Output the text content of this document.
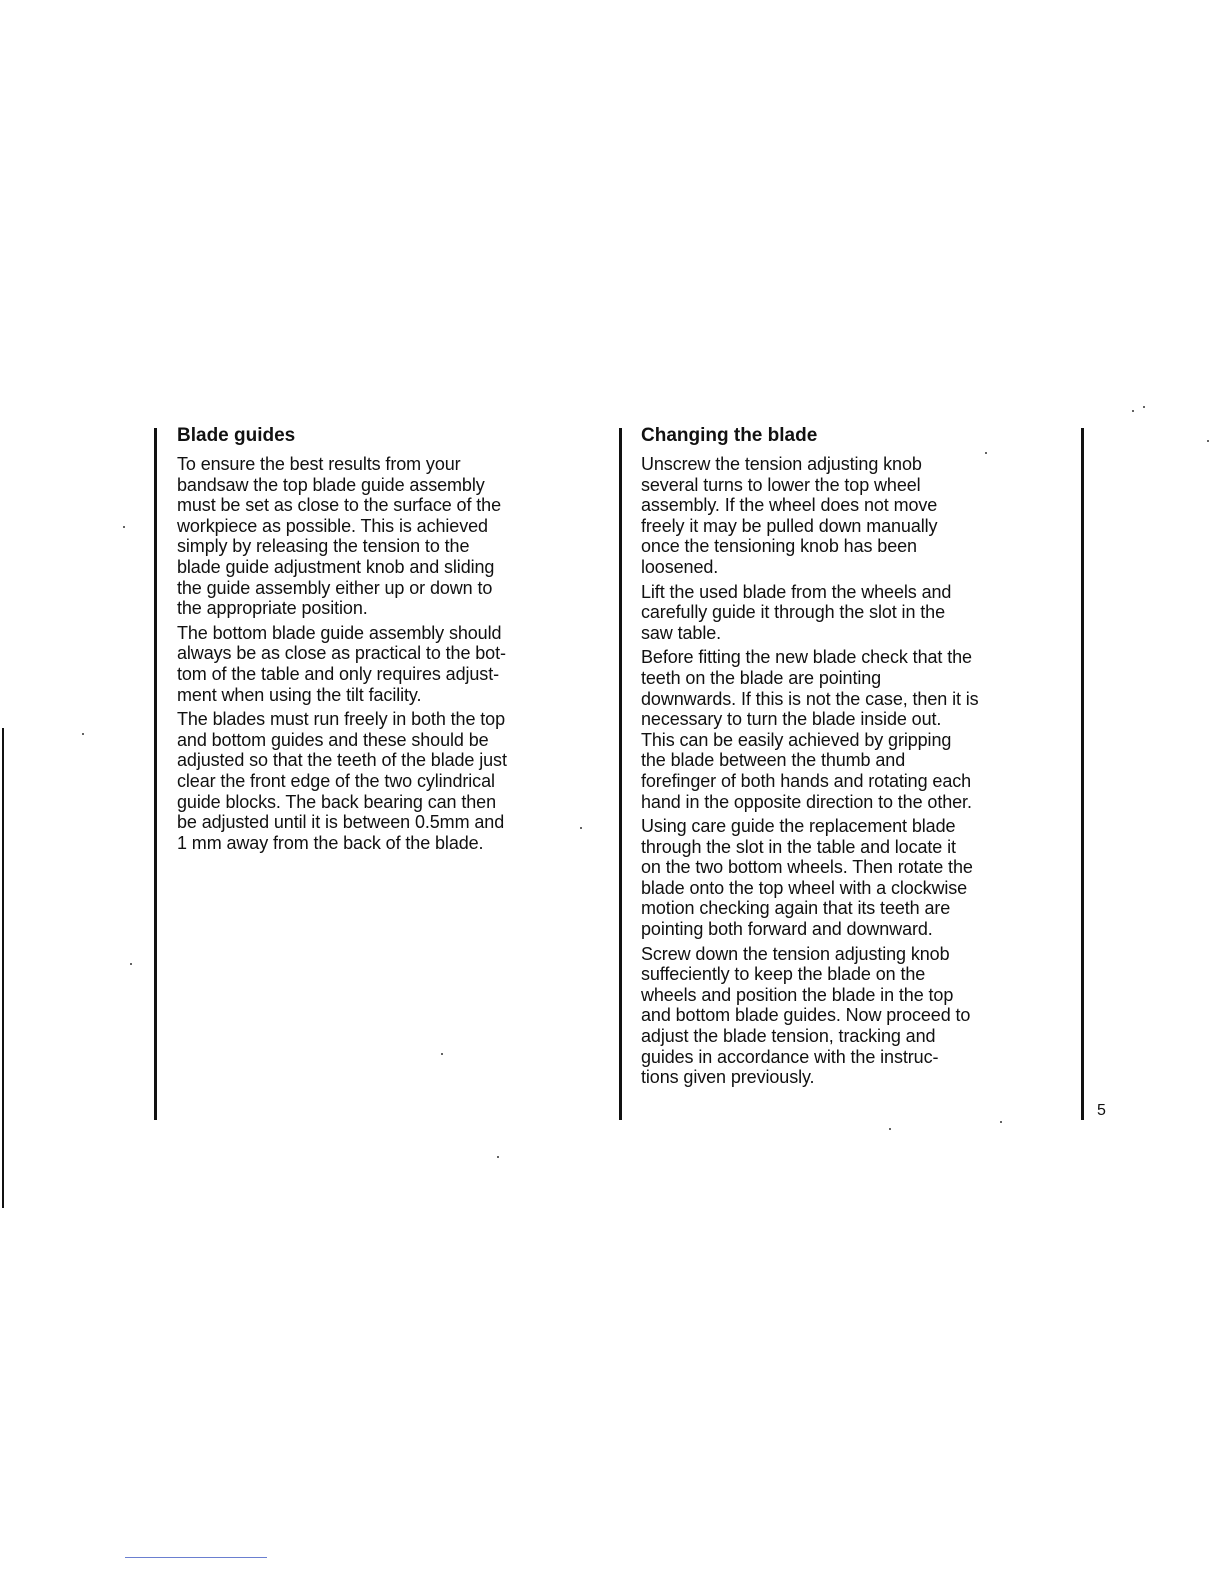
Blade guides

To ensure the best results from your
bandsaw the top blade guide assembly
must be set as close to the surface of the
workpiece as possible. This is achieved
simply by releasing the tension to the
blade guide adjustment knob and sliding
the guide assembly either up or down to
the appropriate position.

The bottom blade guide assembly should
always be as close as practical to the bot-
tom of the table and only requires adjust-
ment when using the tilt facility.

The blades must run freely in both the top
and bottom guides and these should be
adjusted so that the teeth of the blade just
clear the front edge of the two cylindrical
guide blocks. The back bearing can then
be adjusted until it is between 0.5mm and
1 mm away from the back of the blade.

Changing the blade

Unscrew the tension adjusting knob
several turns to lower the top wheel
assembly. If the wheel does not move
freely it may be pulled down manually
once the tensioning knob has been
loosened.

Lift the used blade from the wheels and
carefully guide it through the slot in the
saw table.

Before fitting the new blade check that the
teeth on the blade are pointing
downwards. If this is not the case, then it is
necessary to turn the blade inside out.
This can be easily achieved by gripping
the blade between the thumb and
forefinger of both hands and rotating each
hand in the opposite direction to the other.

Using care guide the replacement blade
through the slot in the table and locate it
on the two bottom wheels. Then rotate the
blade onto the top wheel with a clockwise
motion checking again that its teeth are
pointing both forward and downward.

Screw down the tension adjusting knob
suffeciently to keep the blade on the
wheels and position the blade in the top
and bottom blade guides. Now proceed to
adjust the blade tension, tracking and
guides in accordance with the instruc-
tions given previously.

5
